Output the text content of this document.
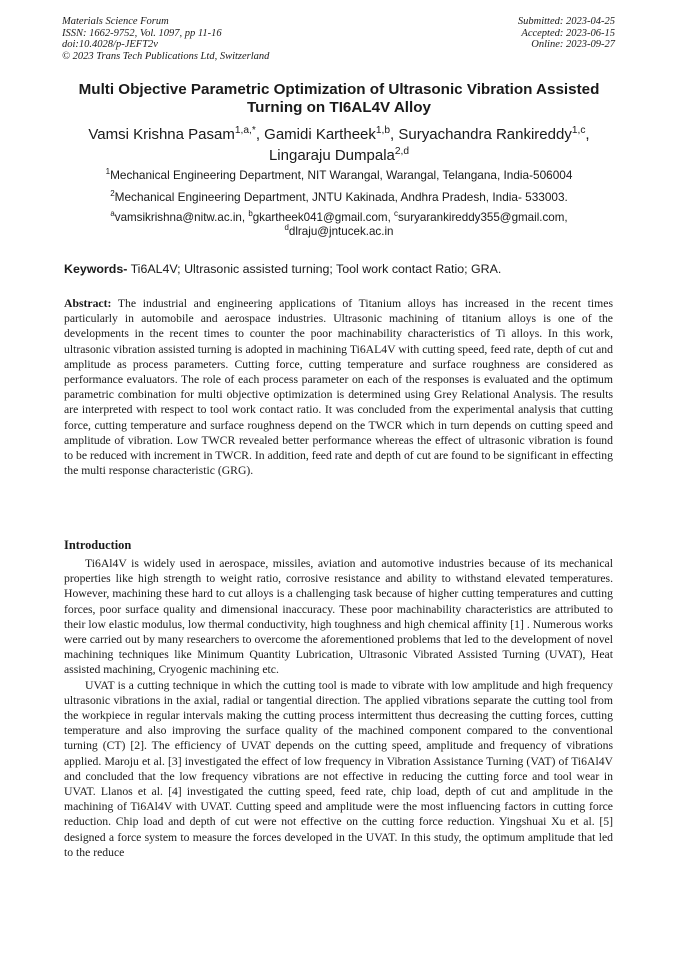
Materials Science Forum
ISSN: 1662-9752, Vol. 1097, pp 11-16
doi:10.4028/p-JEFT2v
© 2023 Trans Tech Publications Ltd, Switzerland
Submitted: 2023-04-25
Accepted: 2023-06-15
Online: 2023-09-27
Multi Objective Parametric Optimization of Ultrasonic Vibration Assisted Turning on TI6AL4V Alloy
Vamsi Krishna Pasam$^{1,a,*}$, Gamidi Kartheek$^{1,b}$, Suryachandra Rankireddy$^{1,c}$,
Lingaraju Dumpala$^{2,d}$
$^1$Mechanical Engineering Department, NIT Warangal, Warangal, Telangana, India-506004
$^2$Mechanical Engineering Department, JNTU Kakinada, Andhra Pradesh, India- 533003.
$^a$vamsikrishna@nitw.ac.in, $^b$gkartheek041@gmail.com, $^c$suryarankireddy355@gmail.com,
$^d$dlraju@jntucek.ac.in
Keywords- Ti6AL4V; Ultrasonic assisted turning; Tool work contact Ratio; GRA.
Abstract: The industrial and engineering applications of Titanium alloys has increased in the recent times particularly in automobile and aerospace industries. Ultrasonic machining of titanium alloys is one of the developments in the recent times to counter the poor machinability characteristics of Ti alloys. In this work, ultrasonic vibration assisted turning is adopted in machining Ti6AL4V with cutting speed, feed rate, depth of cut and amplitude as process parameters. Cutting force, cutting temperature and surface roughness are considered as performance evaluators. The role of each process parameter on each of the responses is evaluated and the optimum parametric combination for multi objective optimization is determined using Grey Relational Analysis. The results are interpreted with respect to tool work contact ratio. It was concluded from the experimental analysis that cutting force, cutting temperature and surface roughness depend on the TWCR which in turn depends on cutting speed and amplitude of vibration. Low TWCR revealed better performance whereas the effect of ultrasonic vibration is found to be reduced with increment in TWCR. In addition, feed rate and depth of cut are found to be significant in effecting the multi response characteristic (GRG).
Introduction

Ti6Al4V is widely used in aerospace, missiles, aviation and automotive industries because of its mechanical properties like high strength to weight ratio, corrosive resistance and ability to withstand elevated temperatures. However, machining these hard to cut alloys is a challenging task because of higher cutting temperatures and cutting forces, poor surface quality and dimensional inaccuracy. These poor machinability characteristics are attributed to their low elastic modulus, low thermal conductivity, high toughness and high chemical affinity [1] . Numerous works were carried out by many researchers to overcome the aforementioned problems that led to the development of novel machining techniques like Minimum Quantity Lubrication, Ultrasonic Vibrated Assisted Turning (UVAT), Heat assisted machining, Cryogenic machining etc.

UVAT is a cutting technique in which the cutting tool is made to vibrate with low amplitude and high frequency ultrasonic vibrations in the axial, radial or tangential direction. The applied vibrations separate the cutting tool from the workpiece in regular intervals making the cutting process intermittent thus decreasing the cutting forces, cutting temperature and also improving the surface quality of the machined component compared to the conventional turning (CT) [2]. The efficiency of UVAT depends on the cutting speed, amplitude and frequency of vibrations applied. Maroju et al. [3] investigated the effect of low frequency in Vibration Assistance Turning (VAT) of Ti6Al4V and concluded that the low frequency vibrations are not effective in reducing the cutting force and tool wear in UVAT. Llanos et al. [4] investigated the cutting speed, feed rate, chip load, depth of cut and amplitude in the machining of Ti6Al4V with UVAT. Cutting speed and amplitude were the most influencing factors in cutting force reduction. Chip load and depth of cut were not effective on the cutting force reduction. Yingshuai Xu et al. [5] designed a force system to measure the forces developed in the UVAT. In this study, the optimum amplitude that led to the reduce
